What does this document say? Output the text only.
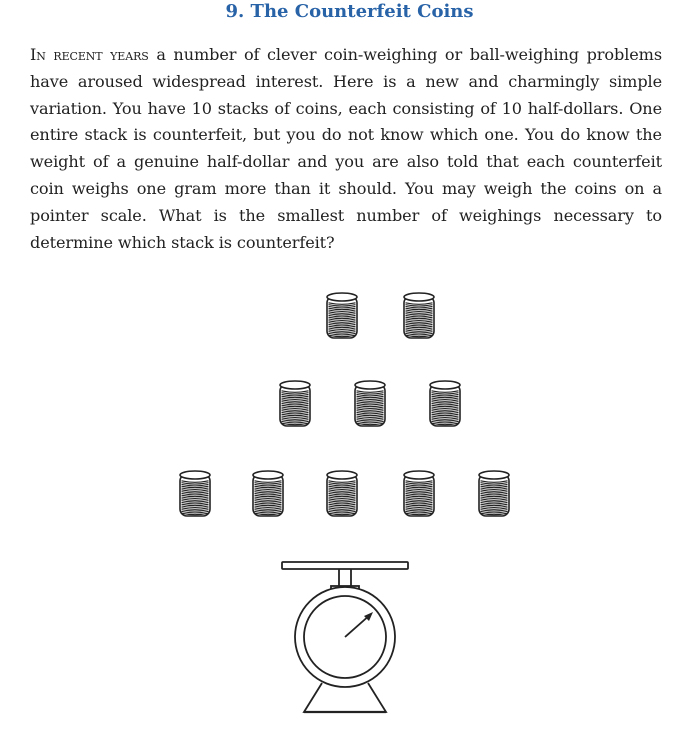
9. The Counterfeit Coins

In recent years a number of clever coin-weighing or ball-weighing problems have aroused widespread interest. Here is a new and charmingly simple variation. You have 10 stacks of coins, each consisting of 10 half-dollars. One entire stack is counterfeit, but you do not know which one. You do know the weight of a genuine half-dollar and you are also told that each counterfeit coin weighs one gram more than it should. You may weigh the coins on a pointer scale. What is the smallest number of weighings necessary to determine which stack is counterfeit?
